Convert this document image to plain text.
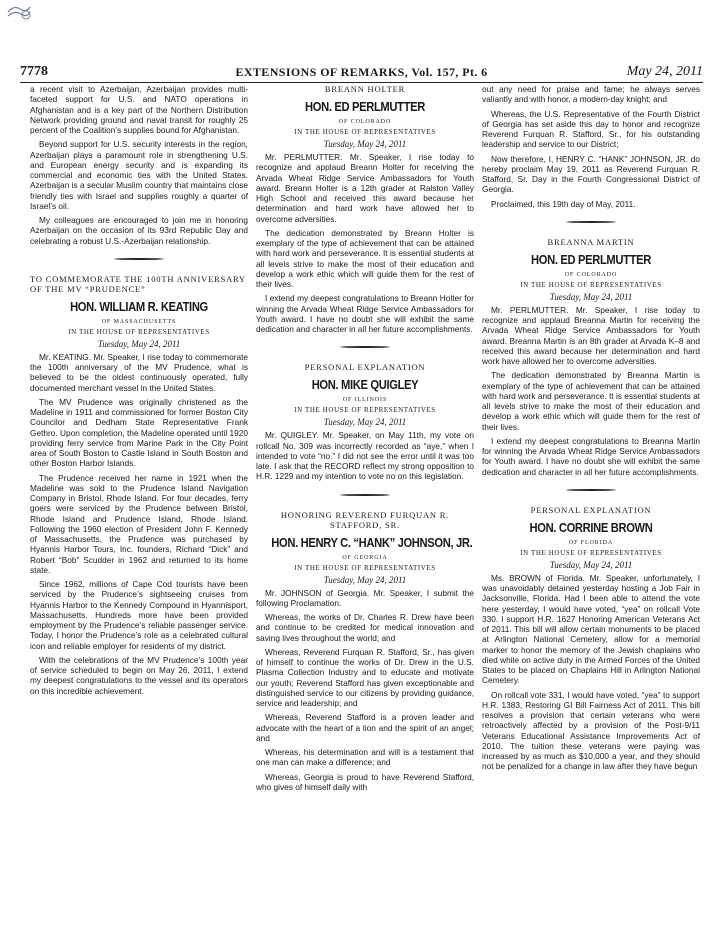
7778	EXTENSIONS OF REMARKS, Vol. 157, Pt. 6	May 24, 2011

a recent visit to Azerbaijan, Azerbaijan provides multi-faceted support for U.S. and NATO operations in Afghanistan and is a key part of the Northern Distribution Network providing ground and naval transit for roughly 25 percent of the Coalition’s supplies bound for Afghanistan.

Beyond support for U.S. security interests in the region, Azerbaijan plays a paramount role in strengthening U.S. and European energy security and is expanding its commercial and economic ties with the United States. Azerbaijan is a secular Muslim country that maintains close friendly ties with Israel and supplies roughly a quarter of Israel’s oil.

My colleagues are encouraged to join me in honoring Azerbaijan on the occasion of its 93rd Republic Day and celebrating a robust U.S.-Azerbaijan relationship.

TO COMMEMORATE THE 100TH ANNIVERSARY OF THE MV “PRUDENCE”
HON. WILLIAM R. KEATING
OF MASSACHUSETTS
IN THE HOUSE OF REPRESENTATIVES
Tuesday, May 24, 2011

Mr. KEATING. Mr. Speaker, I rise today to commemorate the 100th anniversary of the MV Prudence, what is believed to be the oldest continuously operated, fully documented merchant vessel in the United States.

The MV Prudence was originally christened as the Madeline in 1911 and commissioned for former Boston City Councilor and Dedham State Representative Frank Gethro. Upon completion, the Madeline operated until 1920 providing ferry service from Marine Park in the City Point area of South Boston to Castle Island in South Boston and other Boston Harbor Islands.

The Prudence received her name in 1921 when the Madeline was sold to the Prudence Island Navigation Company in Bristol, Rhode Island. For four decades, ferry goers were serviced by the Prudence between Bristol, Rhode Island and Prudence Island, Rhode Island. Following the 1960 election of President John F. Kennedy of Massachusetts, the Prudence was purchased by Hyannis Harbor Tours, Inc. founders, Richard “Dick” and Robert “Bob” Scudder in 1962 and returned to its home state.

Since 1962, millions of Cape Cod tourists have been serviced by the Prudence’s sightseeing cruises from Hyannis Harbor to the Kennedy Compound in Hyannisport, Massachusetts. Hundreds more have been provided employment by the Prudence’s reliable passenger service. Today, I honor the Prudence’s role as a celebrated cultural icon and reliable employer for residents of my district.

With the celebrations of the MV Prudence’s 100th year of service scheduled to begin on May 26, 2011, I extend my deepest congratulations to the vessel and its operators on this incredible achievement.

BREANN HOLTER
HON. ED PERLMUTTER
OF COLORADO
IN THE HOUSE OF REPRESENTATIVES
Tuesday, May 24, 2011

Mr. PERLMUTTER. Mr. Speaker, I rise today to recognize and applaud Breann Holter for receiving the Arvada Wheat Ridge Service Ambassadors for Youth award. Breann Holter is a 12th grader at Ralston Valley High School and received this award because her determination and hard work have allowed her to overcome adversities.

The dedication demonstrated by Breann Holter is exemplary of the type of achievement that can be attained with hard work and perseverance. It is essential students at all levels strive to make the most of their education and develop a work ethic which will guide them for the rest of their lives.

I extend my deepest congratulations to Breann Holter for winning the Arvada Wheat Ridge Service Ambassadors for Youth award. I have no doubt she will exhibit the same dedication and character in all her future accomplishments.

PERSONAL EXPLANATION
HON. MIKE QUIGLEY
OF ILLINOIS
IN THE HOUSE OF REPRESENTATIVES
Tuesday, May 24, 2011

Mr. QUIGLEY. Mr. Speaker, on May 11th, my vote on rollcall No. 309 was incorrectly recorded as “aye,” when I intended to vote “no.” I did not see the error until it was too late. I ask that the RECORD reflect my strong opposition to H.R. 1229 and my intention to vote no on this legislation.

HONORING REVEREND FURQUAN R. STAFFORD, SR.
HON. HENRY C. “HANK” JOHNSON, JR.
OF GEORGIA
IN THE HOUSE OF REPRESENTATIVES
Tuesday, May 24, 2011

Mr. JOHNSON of Georgia. Mr. Speaker, I submit the following Proclamation.

Whereas, the works of Dr. Charles R. Drew have been and continue to be credited for medical innovation and saving lives throughout the world; and

Whereas, Reverend Furquan R. Stafford, Sr., has given of himself to continue the works of Dr. Drew in the U.S. Plasma Collection Industry and to educate and motivate our youth; Reverend Stafford has given exceptionable and distinguished service to our citizens by providing guidance, service and leadership; and

Whereas, Reverend Stafford is a proven leader and advocate with the heart of a lion and the spirit of an angel; and

Whereas, his determination and will is a testament that one man can make a difference; and

Whereas, Georgia is proud to have Reverend Stafford, who gives of himself daily with

out any need for praise and fame; he always serves valiantly and with honor, a modern-day knight; and

Whereas, the U.S. Representative of the Fourth District of Georgia has set aside this day to honor and recognize Reverend Furquan R. Stafford, Sr., for his outstanding leadership and service to our District;

Now therefore, I, HENRY C. “HANK” JOHNSON, JR. do hereby proclaim May 19, 2011 as Reverend Furquan R. Stafford, Sr. Day in the Fourth Congressional District of Georgia.

Proclaimed, this 19th day of May, 2011.

BREANNA MARTIN
HON. ED PERLMUTTER
OF COLORADO
IN THE HOUSE OF REPRESENTATIVES
Tuesday, May 24, 2011

Mr. PERLMUTTER. Mr. Speaker, I rise today to recognize and applaud Breanna Martin for receiving the Arvada Wheat Ridge Service Ambassadors for Youth award. Breanna Martin is an 8th grader at Arvada K–8 and received this award because her determination and hard work have allowed her to overcome adversities.

The dedication demonstrated by Breanna Martin is exemplary of the type of achievement that can be attained with hard work and perseverance. It is essential students at all levels strive to make the most of their education and develop a work ethic which will guide them for the rest of their lives.

I extend my deepest congratulations to Breanna Martin for winning the Arvada Wheat Ridge Service Ambassadors for Youth award. I have no doubt she will exhibit the same dedication and character in all her future accomplishments.

PERSONAL EXPLANATION
HON. CORRINE BROWN
OF FLORIDA
IN THE HOUSE OF REPRESENTATIVES
Tuesday, May 24, 2011

Ms. BROWN of Florida. Mr. Speaker, unfortunately, I was unavoidably detained yesterday hosting a Job Fair in Jacksonville, Florida. Had I been able to attend the vote here yesterday, I would have voted, “yea” on rollcall Vote 330. I support H.R. 1627 Honoring American Veterans Act of 2011. This bill will allow certain monuments to be placed at Arlington National Cemetery, allow for a memorial marker to honor the memory of the Jewish chaplains who died while on active duty in the Armed Forces of the United States to be placed on Chaplains Hill in Arlington National Cemetery.

On rollcall vote 331, I would have voted, “yea” to support H.R. 1383, Restoring GI Bill Fairness Act of 2011. This bill resolves a provision that certain veterans who were retroactively affected by a provision of the Post-9/11 Veterans Educational Assistance Improvements Act of 2010. The tuition these veterans were paying was increased by as much as $10,000 a year, and they should not be penalized for a change in law after they have begun
